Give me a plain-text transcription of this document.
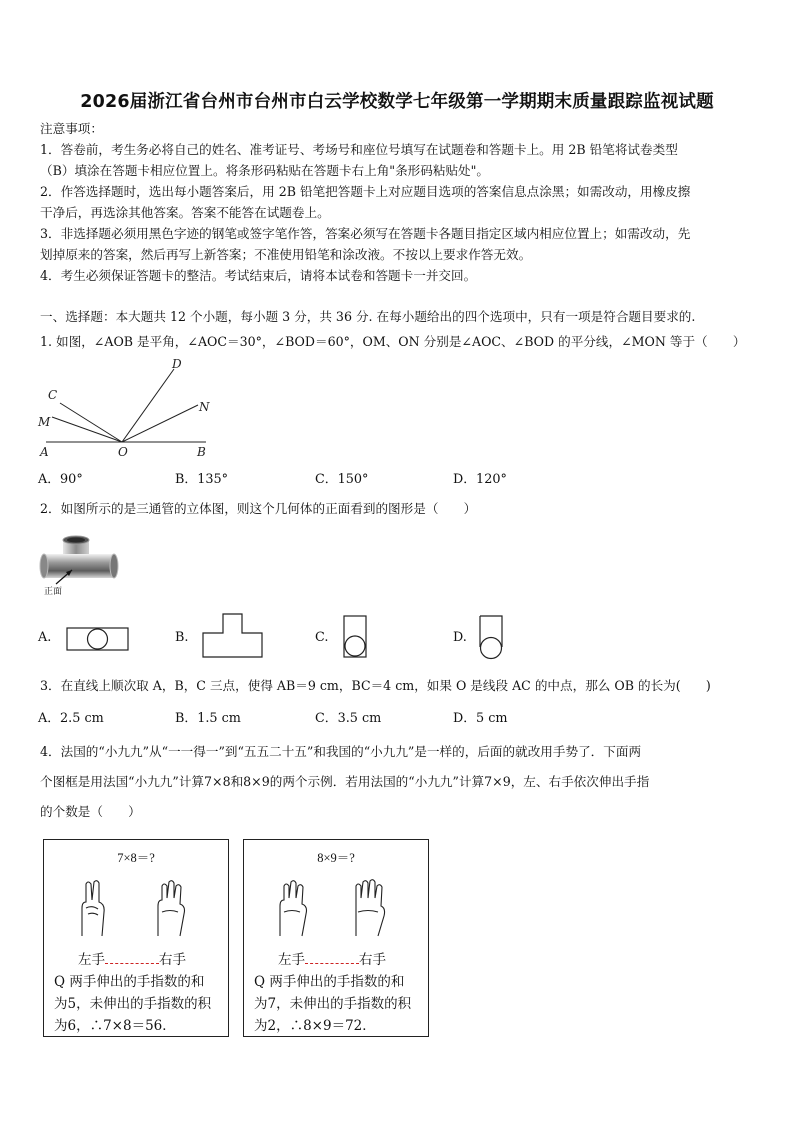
2026届浙江省台州市台州市白云学校数学七年级第一学期期末质量跟踪监视试题
注意事项：
1．答卷前，考生务必将自己的姓名、准考证号、考场号和座位号填写在试题卷和答题卡上。用 2B 铅笔将试卷类型
（B）填涂在答题卡相应位置上。将条形码粘贴在答题卡右上角"条形码粘贴处"。
2．作答选择题时，选出每小题答案后，用 2B 铅笔把答题卡上对应题目选项的答案信息点涂黑；如需改动，用橡皮擦
干净后，再选涂其他答案。答案不能答在试题卷上。
3．非选择题必须用黑色字迹的钢笔或签字笔作答，答案必须写在答题卡各题目指定区域内相应位置上；如需改动，先
划掉原来的答案，然后再写上新答案；不准使用铅笔和涂改液。不按以上要求作答无效。
4．考生必须保证答题卡的整洁。考试结束后，请将本试卷和答题卡一并交回。
一、选择题：本大题共 12 个小题，每小题 3 分，共 36 分. 在每小题给出的四个选项中，只有一项是符合题目要求的.
1. 如图，∠AOB 是平角，∠AOC＝30°，∠BOD＝60°，OM、ON 分别是∠AOC、∠BOD 的平分线，∠MON 等于（　　）
A	O	B
C
M
D
N
A．90°	B．135°	C．150°	D．120°
2．如图所示的是三通管的立体图，则这个几何体的正面看到的图形是（　　）
正面
A.	B.	C.	D.
3．在直线上顺次取 A，B，C 三点，使得 AB＝9 cm，BC＝4 cm，如果 O 是线段 AC 的中点，那么 OB 的长为(　　)
A．2.5 cm	B．1.5 cm	C．3.5 cm	D．5 cm
4．法国的“小九九”从“一一得一”到“五五二十五”和我国的“小九九”是一样的，后面的就改用手势了．下面两
个图框是用法国“小九九”计算7×8和8×9的两个示例．若用法国的“小九九”计算7×9，左、右手依次伸出手指
的个数是（　　）
7×8＝?
左手	右手
Q 两手伸出的手指数的和
为5，未伸出的手指数的积
为6，∴7×8＝56．
8×9＝?
左手	右手
Q 两手伸出的手指数的和
为7，未伸出的手指数的积
为2，∴8×9＝72．
